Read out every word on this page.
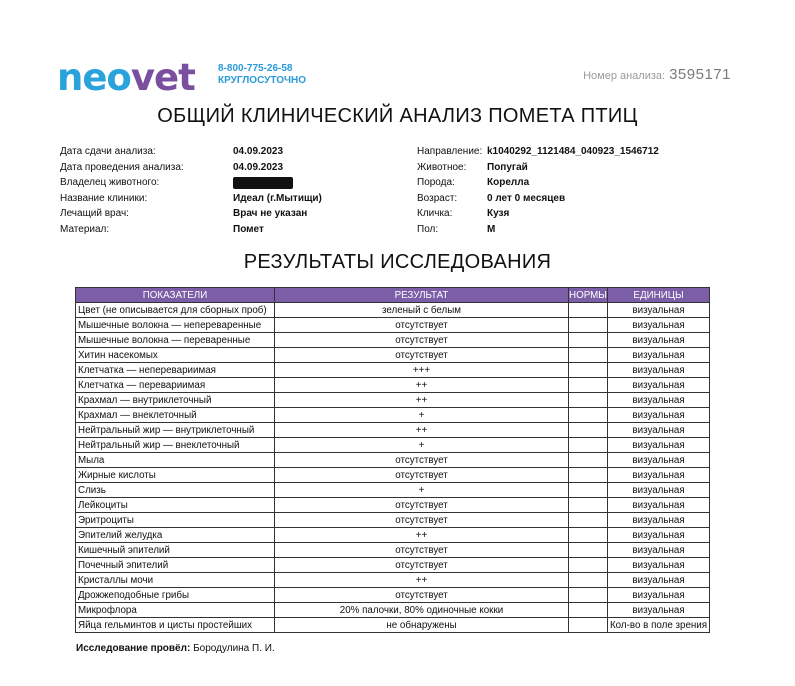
neovet 8-800-775-26-58
КРУГЛОСУТОЧНО	Номер анализа: 3595171
ОБЩИЙ КЛИНИЧЕСКИЙ АНАЛИЗ ПОМЕТА ПТИЦ
Дата сдачи анализа:	04.09.2023
Дата проведения анализа:	04.09.2023
Владелец животного:
Название клиники:	Идеал (г.Мытищи)
Лечащий врач:	Врач не указан
Материал:	Помет
Направление: k1040292_1121484_040923_1546712
Животное:	Попугай
Порода:	Корелла
Возраст:	0 лет 0 месяцев
Кличка:	Кузя
Пол:	М
РЕЗУЛЬТАТЫ ИССЛЕДОВАНИЯ
ПОКАЗАТЕЛИ	РЕЗУЛЬТАТ	НОРМЫ	ЕДИНИЦЫ
Цвет (не описывается для сборных проб)	зеленый с белым		визуальная
Мышечные волокна — непереваренные	отсутствует		визуальная
Мышечные волокна — переваренные	отсутствует		визуальная
Хитин насекомых	отсутствует		визуальная
Клетчатка — неперевариимая	+++		визуальная
Клетчатка — перевариимая	++		визуальная
Крахмал — внутриклеточный	++		визуальная
Крахмал — внеклеточный	+		визуальная
Нейтральный жир — внутриклеточный	++		визуальная
Нейтральный жир — внеклеточный	+		визуальная
Мыла	отсутствует		визуальная
Жирные кислоты	отсутствует		визуальная
Слизь	+		визуальная
Лейкоциты	отсутствует		визуальная
Эритроциты	отсутствует		визуальная
Эпителий желудка	++		визуальная
Кишечный эпителий	отсутствует		визуальная
Почечный эпителий	отсутствует		визуальная
Кристаллы мочи	++		визуальная
Дрожжеподобные грибы	отсутствует		визуальная
Микрофлора	20% палочки, 80% одиночные кокки		визуальная
Яйца гельминтов и цисты простейших	не обнаружены		Кол-во в поле зрения
Исследование провёл: Бородулина П. И.
